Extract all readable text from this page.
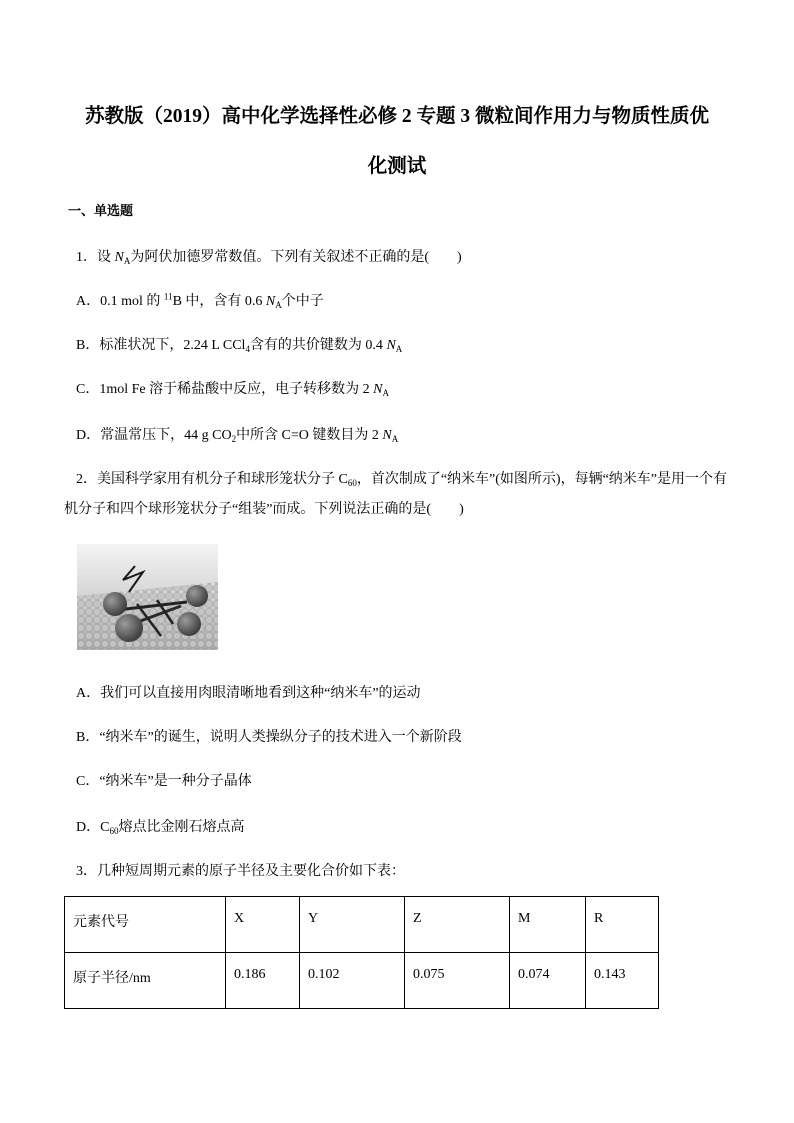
苏教版（2019）高中化学选择性必修 2 专题 3 微粒间作用力与物质性质优
化测试
一、单选题
1．设 $N_A$为阿伏加德罗常数值。下列有关叙述不正确的是(　　)
A．0.1 mol 的 $^{11}$B 中，含有 0.6 $N_A$个中子
B．标准状况下，2.24 L CCl$_4$含有的共价键数为 0.4 $N_A$
C．1mol Fe 溶于稀盐酸中反应，电子转移数为 2 $N_A$
D．常温常压下，44 g $CO_2$中所含 C=O 键数目为 2 $N_A$
2．美国科学家用有机分子和球形笼状分子 $C_{60}$，首次制成了“纳米车”(如图所示)，每辆“纳米车”是用一个有
机分子和四个球形笼状分子“组装”而成。下列说法正确的是(　　)
A．我们可以直接用肉眼清晰地看到这种“纳米车”的运动
B．“纳米车”的诞生，说明人类操纵分子的技术进入一个新阶段
C．“纳米车”是一种分子晶体
D．$C_{60}$熔点比金刚石熔点高
3．几种短周期元素的原子半径及主要化合价如下表：
元素代号	X	Y	Z	M	R

原子半径/nm	0.186	0.102	0.075	0.074	0.143
